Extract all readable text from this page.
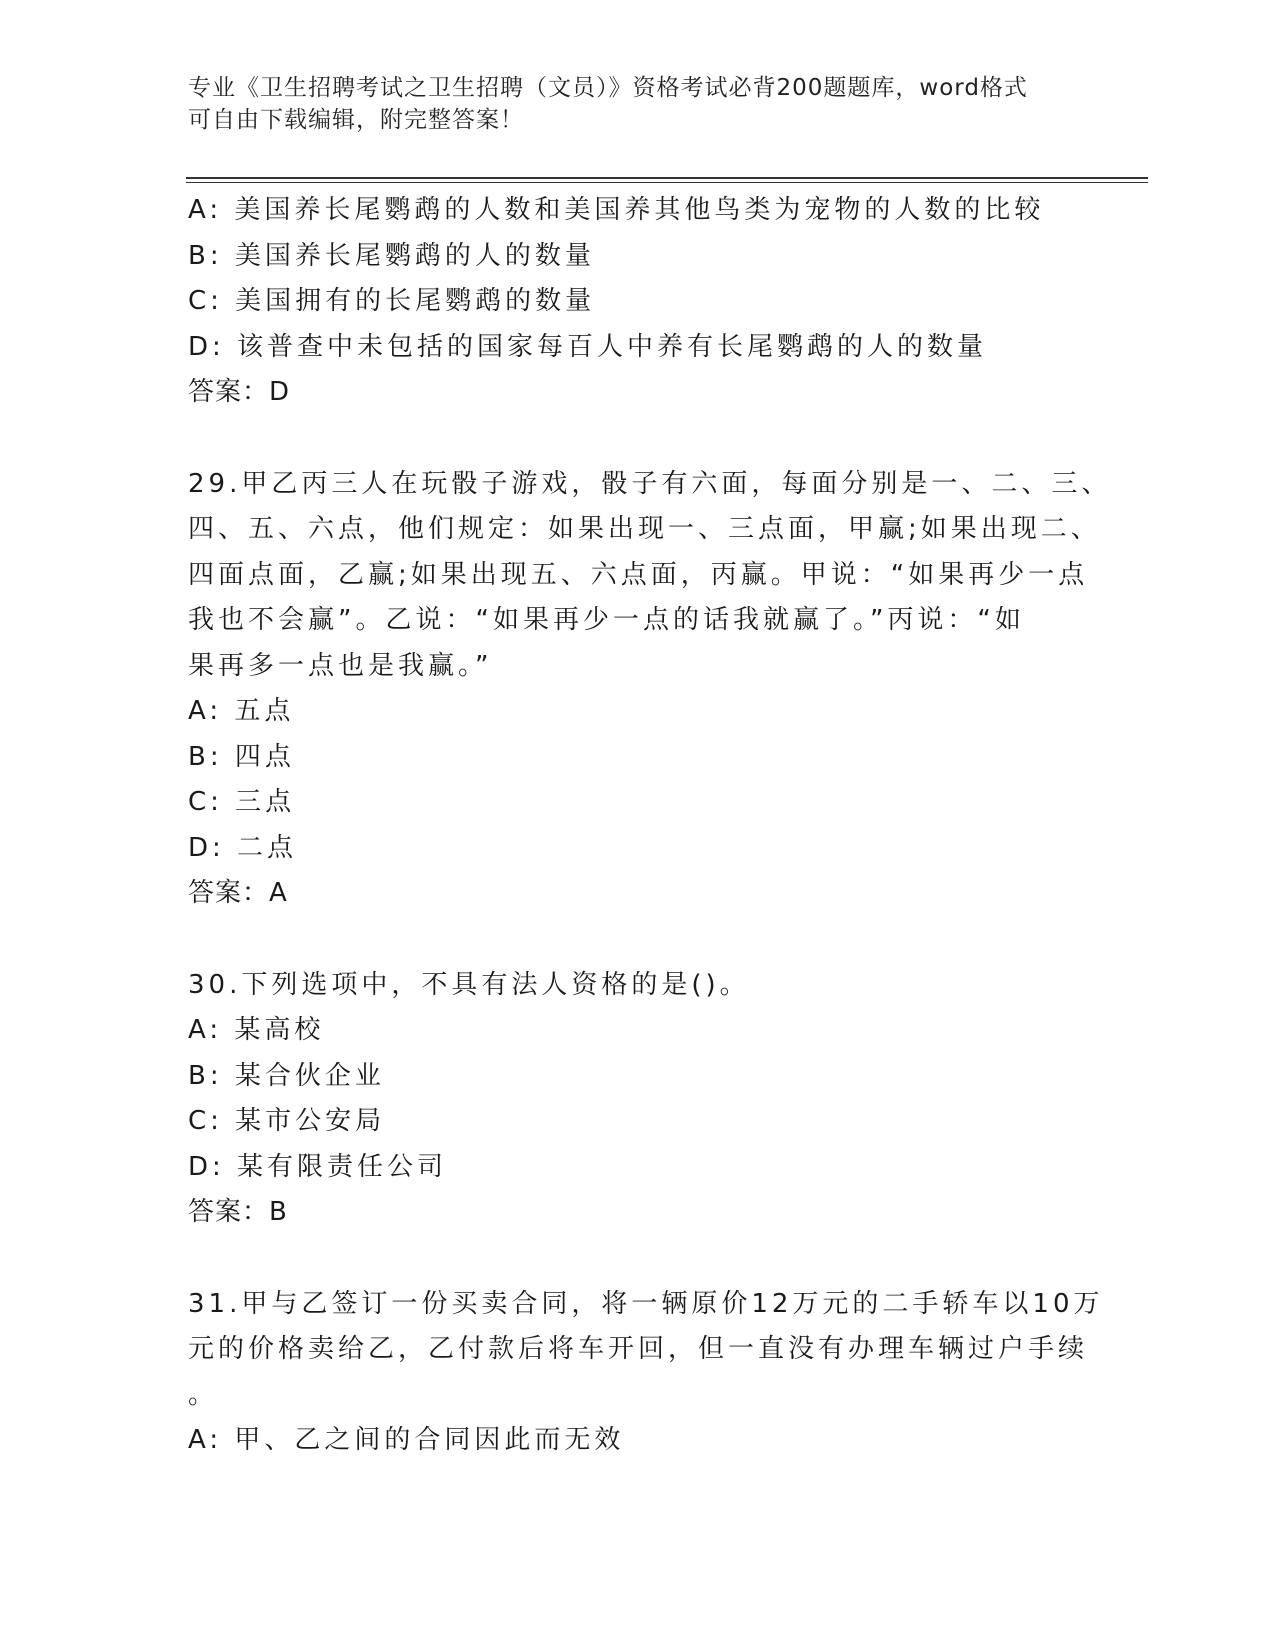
专业《卫生招聘考试之卫生招聘（文员）》资格考试必背200题题库，word格式
可自由下载编辑，附完整答案！
A: 美国养长尾鹦鹉的人数和美国养其他鸟类为宠物的人数的比较
B: 美国养长尾鹦鹉的人的数量
C: 美国拥有的长尾鹦鹉的数量
D: 该普查中未包括的国家每百人中养有长尾鹦鹉的人的数量
答案：D
29.甲乙丙三人在玩骰子游戏，骰子有六面，每面分别是一、二、三、
四、五、六点，他们规定：如果出现一、三点面，甲赢;如果出现二、
四面点面，乙赢;如果出现五、六点面，丙赢。甲说：“如果再少一点
我也不会赢”。乙说：“如果再少一点的话我就赢了。”丙说：“如
果再多一点也是我赢。”
A: 五点
B: 四点
C: 三点
D: 二点
答案：A
30.下列选项中，不具有法人资格的是()。
A: 某高校
B: 某合伙企业
C: 某市公安局
D: 某有限责任公司
答案：B
31.甲与乙签订一份买卖合同，将一辆原价12万元的二手轿车以10万
元的价格卖给乙，乙付款后将车开回，但一直没有办理车辆过户手续
。
A: 甲、乙之间的合同因此而无效
